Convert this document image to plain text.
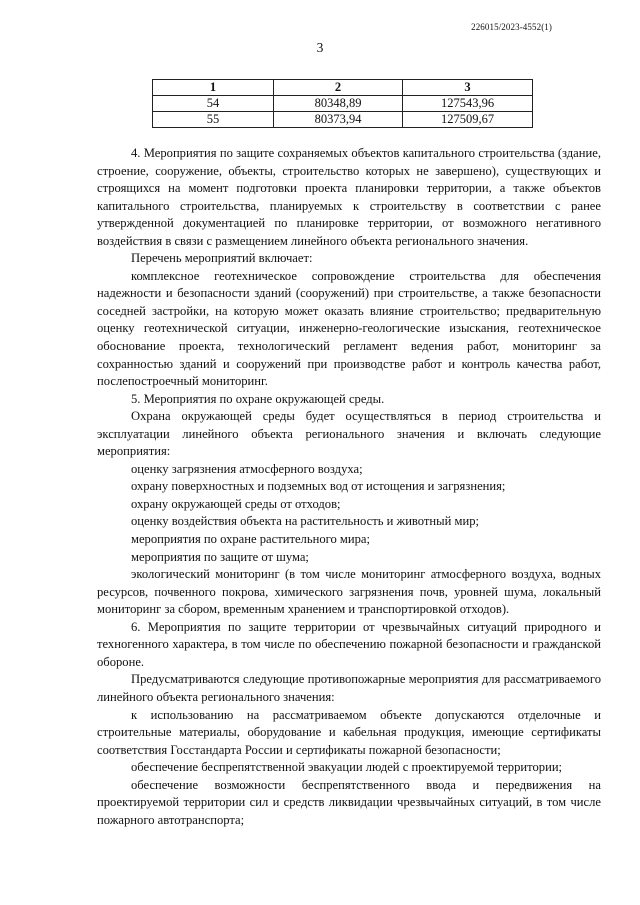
226015/2023-4552(1)
3
1	2	3
54	80348,89	127543,96
55	80373,94	127509,67

4. Мероприятия по защите сохраняемых объектов капитального строительства (здание, строение, сооружение, объекты, строительство которых не завершено), существующих и строящихся на момент подготовки проекта планировки территории, а также объектов капитального строительства, планируемых к строительству в соответствии с ранее утвержденной документацией по планировке территории, от возможного негативного воздействия в связи с размещением линейного объекта регионального значения.

Перечень мероприятий включает:

комплексное геотехническое сопровождение строительства для обеспечения надежности и безопасности зданий (сооружений) при строительстве, а также безопасности соседней застройки, на которую может оказать влияние строительство; предварительную оценку геотехнической ситуации, инженерно-геологические изыскания, геотехническое обоснование проекта, технологический регламент ведения работ, мониторинг за сохранностью зданий и сооружений при производстве работ и контроль качества работ, послепостроечный мониторинг.

5. Мероприятия по охране окружающей среды.

Охрана окружающей среды будет осуществляться в период строительства и эксплуатации линейного объекта регионального значения и включать следующие мероприятия:

оценку загрязнения атмосферного воздуха;

охрану поверхностных и подземных вод от истощения и загрязнения;

охрану окружающей среды от отходов;

оценку воздействия объекта на растительность и животный мир;

мероприятия по охране растительного мира;

мероприятия по защите от шума;

экологический мониторинг (в том числе мониторинг атмосферного воздуха, водных ресурсов, почвенного покрова, химического загрязнения почв, уровней шума, локальный мониторинг за сбором, временным хранением и транспортировкой отходов).

6. Мероприятия по защите территории от чрезвычайных ситуаций природного и техногенного характера, в том числе по обеспечению пожарной безопасности и гражданской обороне.

Предусматриваются следующие противопожарные мероприятия для рассматриваемого линейного объекта регионального значения:

к использованию на рассматриваемом объекте допускаются отделочные и строительные материалы, оборудование и кабельная продукция, имеющие сертификаты соответствия Госстандарта России и сертификаты пожарной безопасности;

обеспечение беспрепятственной эвакуации людей с проектируемой территории;

обеспечение возможности беспрепятственного ввода и передвижения на проектируемой территории сил и средств ликвидации чрезвычайных ситуаций, в том числе пожарного автотранспорта;
